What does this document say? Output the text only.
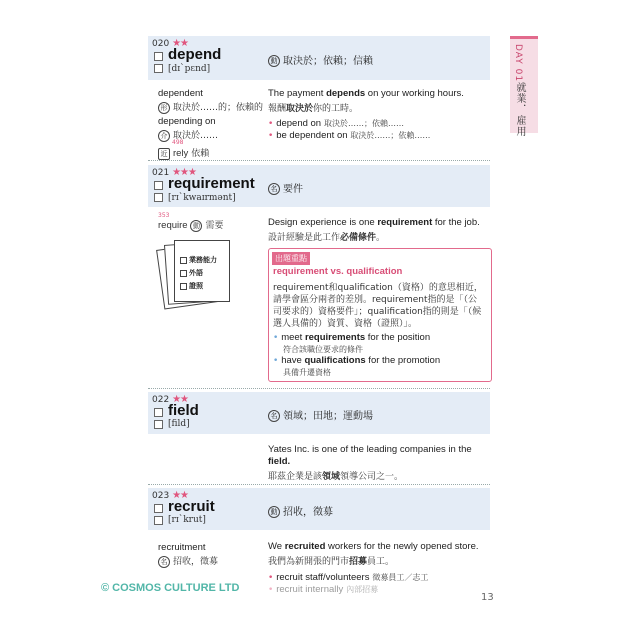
DAY 01
就業．雇用
020 ★★
depend
[dɪˋpɛnd]
動 取決於；依賴；信賴
dependent
形 取決於……的；依賴的
depending on
介 取決於……
498
近 rely 依賴
The payment depends on your working hours.
報酬取決於你的工時。
• depend on 取決於……；依賴……
• be dependent on 取決於……；依賴……
021 ★★★
requirement
[rɪˋkwaɪrmənt]
名 要件
353
require 動 需要
業務能力
外語
證照
Design experience is one requirement for the job.
設計經驗是此工作必備條件。
出題重點
requirement vs. qualification
requirement和qualification（資格）的意思相近，
請學會區分兩者的差別。requirement指的是「（公
司要求的）資格要件」；qualification指的則是「（候
選人具備的）資質、資格（證照）」。
• meet requirements for the position
符合該職位要求的條件
• have qualifications for the promotion
具備升遷資格
022 ★★
field
[fild]
名 領域；田地；運動場
Yates Inc. is one of the leading companies in the
field.
耶茲企業是該領域領導公司之一。
023 ★★
recruit
[rɪˋkrut]
動 招收，徵募
recruitment
名 招收，徵募
We recruited workers for the newly opened store.
我們為新開張的門市招募員工。
• recruit staff/volunteers 徵募員工／志工
• recruit internally 內部招募
© COSMOS CULTURE LTD
13
